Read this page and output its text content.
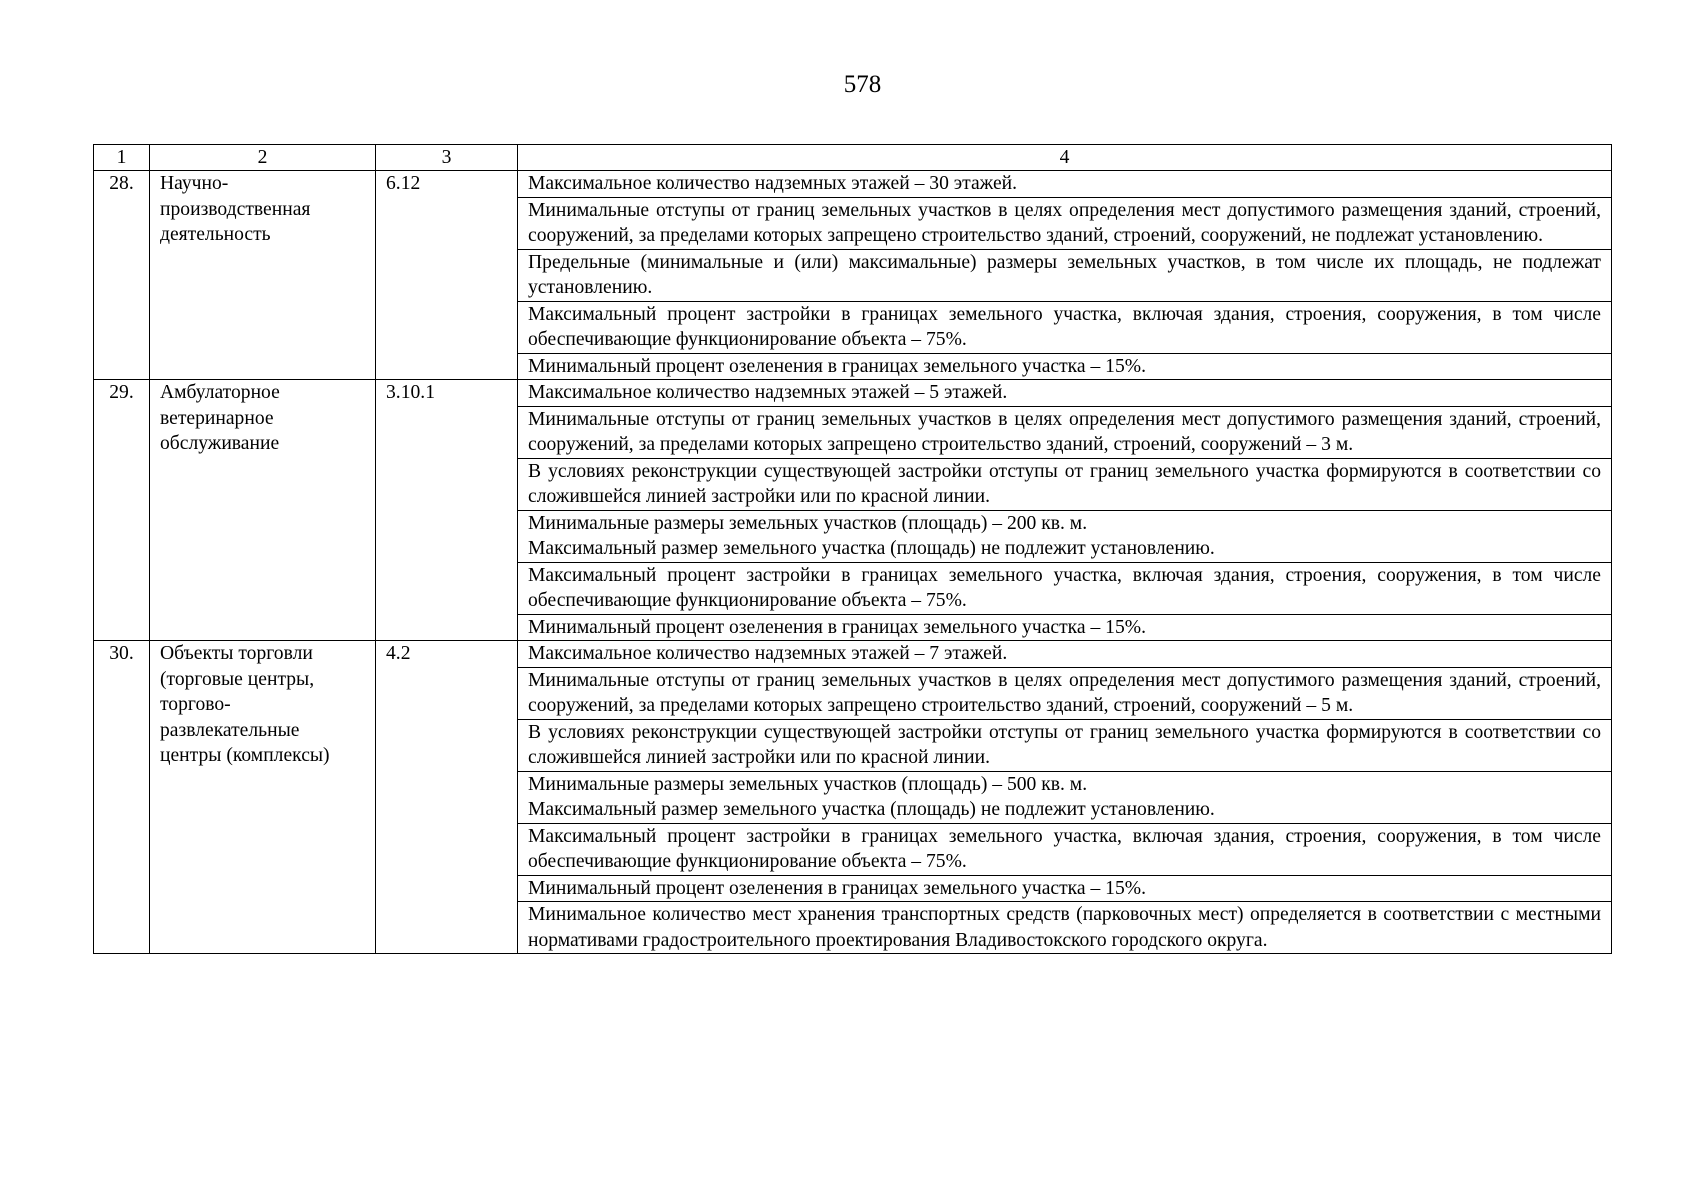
578
1	2	3	4
28.	Научно-производственная деятельность	6.12	Максимальное количество надземных этажей – 30 этажей.

			Минимальные отступы от границ земельных участков в целях определения мест допустимого размещения зданий, строений, сооружений, за пределами которых запрещено строительство зданий, строений, сооружений, не подлежат установлению.

			Предельные (минимальные и (или) максимальные) размеры земельных участков, в том числе их площадь, не подлежат установлению.

			Максимальный процент застройки в границах земельного участка, включая здания, строения, сооружения, в том числе обеспечивающие функционирование объекта – 75%.

			Минимальный процент озеленения в границах земельного участка – 15%.

29.	Амбулаторное ветеринарное обслуживание	3.10.1	Максимальное количество надземных этажей – 5 этажей.

			Минимальные отступы от границ земельных участков в целях определения мест допустимого размещения зданий, строений, сооружений, за пределами которых запрещено строительство зданий, строений, сооружений – 3 м.

			В условиях реконструкции существующей застройки отступы от границ земельного участка формируются в соответствии со сложившейся линией застройки или по красной линии.

			Минимальные размеры земельных участков (площадь) – 200 кв. м.
Максимальный размер земельного участка (площадь) не подлежит установлению.

			Максимальный процент застройки в границах земельного участка, включая здания, строения, сооружения, в том числе обеспечивающие функционирование объекта – 75%.

			Минимальный процент озеленения в границах земельного участка – 15%.

30.	Объекты торговли (торговые центры, торгово-развлекательные центры (комплексы)	4.2	Максимальное количество надземных этажей – 7 этажей.

			Минимальные отступы от границ земельных участков в целях определения мест допустимого размещения зданий, строений, сооружений, за пределами которых запрещено строительство зданий, строений, сооружений – 5 м.

			В условиях реконструкции существующей застройки отступы от границ земельного участка формируются в соответствии со сложившейся линией застройки или по красной линии.

			Минимальные размеры земельных участков (площадь) – 500 кв. м.
Максимальный размер земельного участка (площадь) не подлежит установлению.

			Максимальный процент застройки в границах земельного участка, включая здания, строения, сооружения, в том числе обеспечивающие функционирование объекта – 75%.

			Минимальный процент озеленения в границах земельного участка – 15%.

			Минимальное количество мест хранения транспортных средств (парковочных мест) определяется в соответствии с местными нормативами градостроительного проектирования Владивостокского городского округа.
